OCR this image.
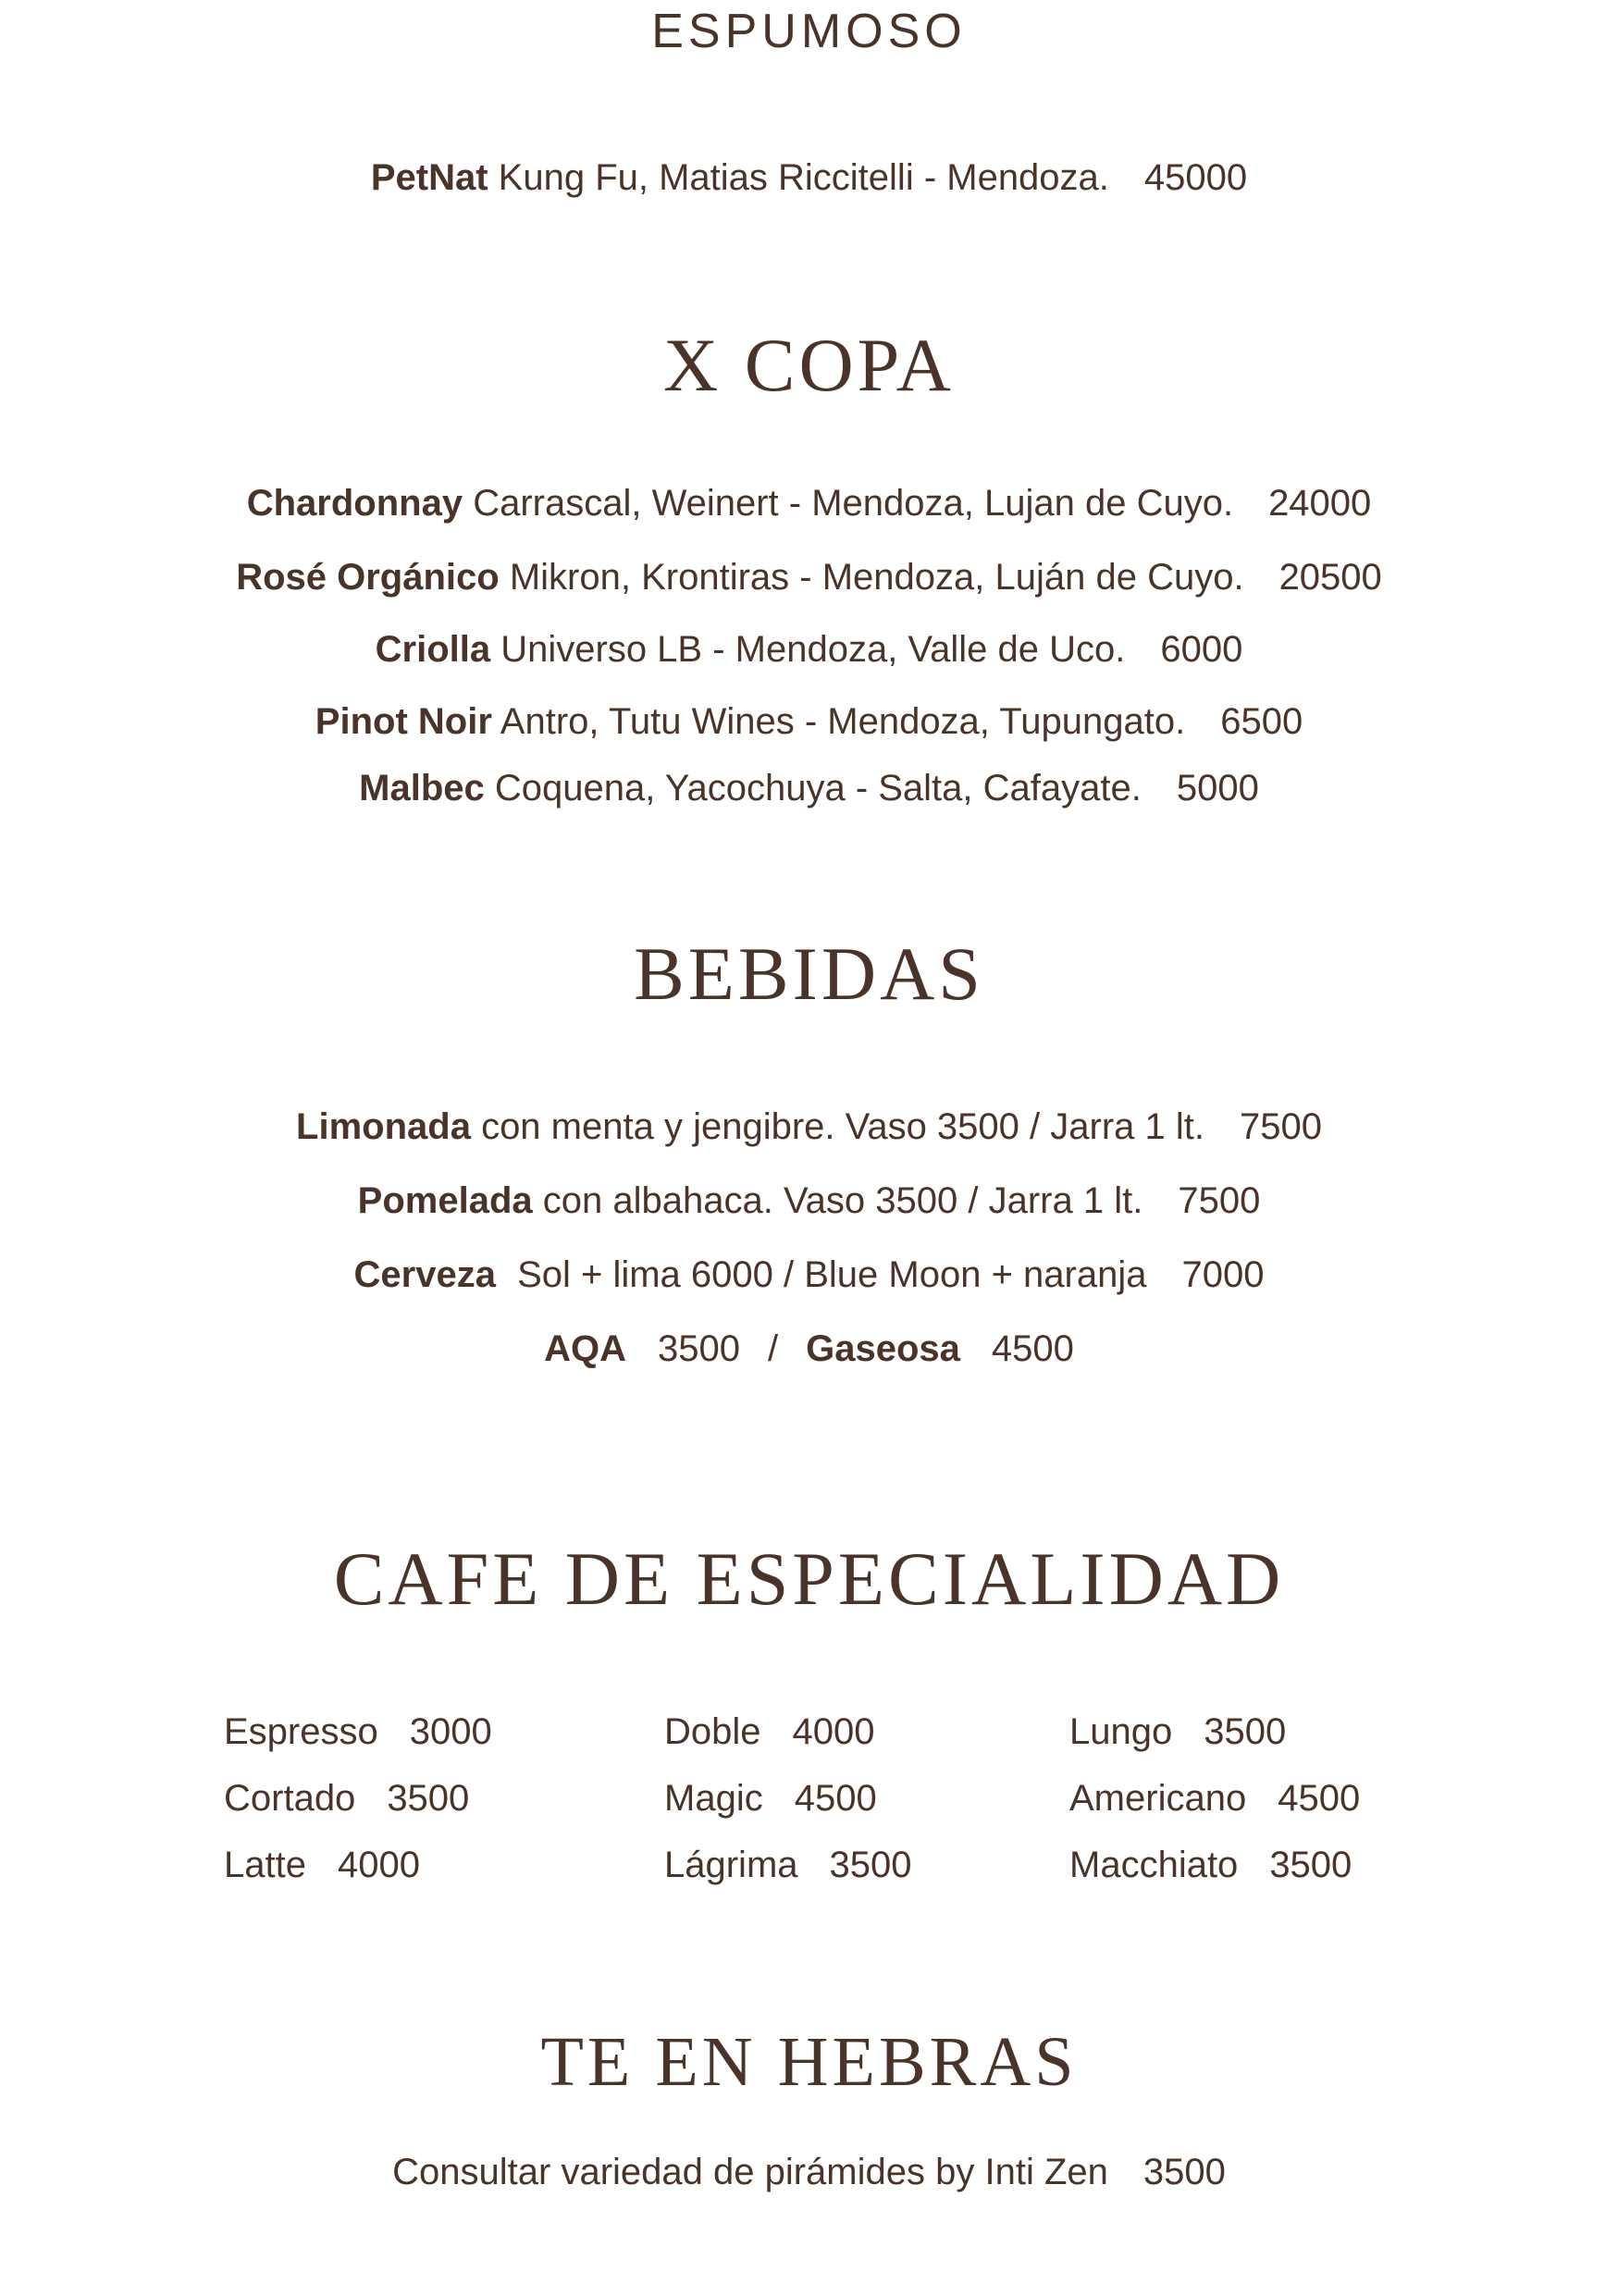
ESPUMOSO
PetNat Kung Fu, Matias Riccitelli - Mendoza. 45000
X COPA
Chardonnay Carrascal, Weinert - Mendoza, Lujan de Cuyo. 24000
Rosé Orgánico Mikron, Krontiras - Mendoza, Luján de Cuyo. 20500
Criolla Universo LB - Mendoza, Valle de Uco. 6000
Pinot Noir Antro, Tutu Wines - Mendoza, Tupungato. 6500
Malbec Coquena, Yacochuya - Salta, Cafayate. 5000
BEBIDAS
Limonada con menta y jengibre. Vaso 3500 / Jarra 1 lt. 7500
Pomelada con albahaca. Vaso 3500 / Jarra 1 lt. 7500
Cerveza Sol + lima 6000 / Blue Moon + naranja 7000
AQA 3500 / Gaseosa 4500
CAFE DE ESPECIALIDAD
Espresso 3000
Cortado 3500
Latte 4000
Doble 4000
Magic 4500
Lágrima 3500
Lungo 3500
Americano 4500
Macchiato 3500
TE EN HEBRAS
Consultar variedad de pirámides by Inti Zen 3500
